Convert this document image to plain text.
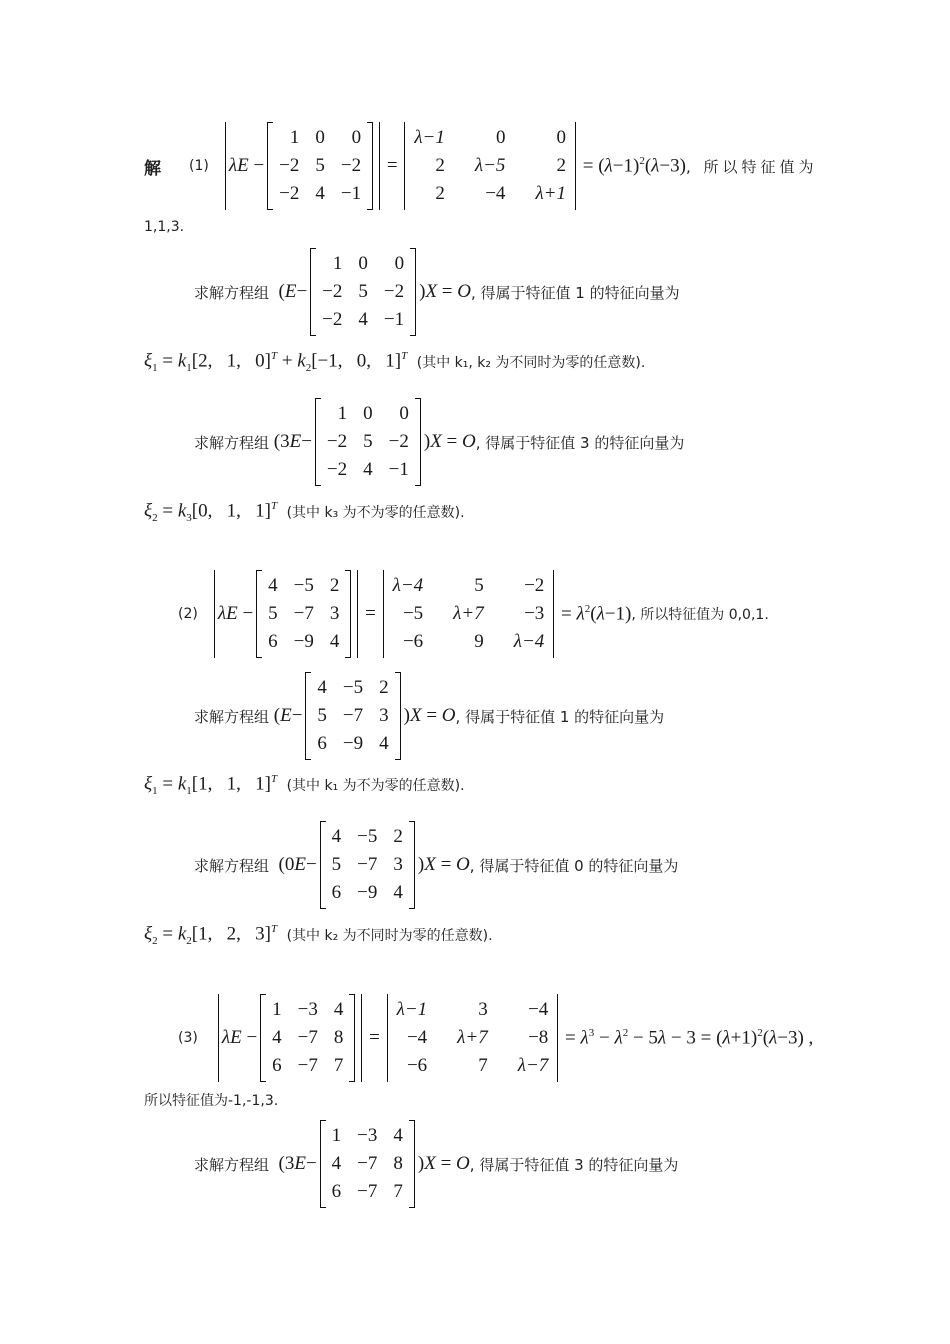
解 (1) λE −
1 0	0
−2 5 −2
−2 4 −1
=
λ−1	0	0
2 λ−5	2
2	−4 λ+1
= $(\lambda-1)^2(\lambda-3)$ , 所以特征值为
1,1,3.
求解方程组 (E−
1 0	0
−2 5 −2
−2 4 −1
)X = O , 得属于特征值 1 的特征向量为
$\xi_1 = k_1[2$,   1,   $0]^T + k_2[-1$,   0,   1]$^T$ (其中 k₁, k₂ 为不同时为零的任意数).
求解方程组 (3E−
1 0	0
−2 5 −2
−2 4 −1
)X = O , 得属于特征值 3 的特征向量为
$\xi_2 = k_3[0$,   1,   1]$^T$ (其中 k₃ 为不为零的任意数).
(2) λE −
4 −5 2
5 −7 3
6 −9 4
=
λ−4	5	−2
−5 λ+7	−3
−6	9 λ−4
= $\lambda^2(\lambda-1)$ , 所以特征值为 0,0,1.
求解方程组 (E−
4 −5 2
5 −7 3
6 −9 4
)X = O , 得属于特征值 1 的特征向量为
$\xi_1 = k_1[1$,   1,   1]$^T$ (其中 k₁ 为不为零的任意数).
求解方程组 (0E−
4 −5 2
5 −7 3
6 −9 4
)X = O , 得属于特征值 0 的特征向量为
$\xi_2 = k_2[1$,   2,   3]$^T$ (其中 k₂ 为不同时为零的任意数).
(3) λE −
1 −3 4
4 −7 8
6 −7 7
=
λ−1	3	−4
−4 λ+7	−8
−6	7 λ−7
= $\lambda^3 - \lambda^2 - 5\lambda - 3 = (\lambda+1)^2(\lambda-3)$ ,
所以特征值为-1,-1,3.
求解方程组 (3E−
1 −3 4
4 −7 8
6 −7 7
)X = O , 得属于特征值 3 的特征向量为
